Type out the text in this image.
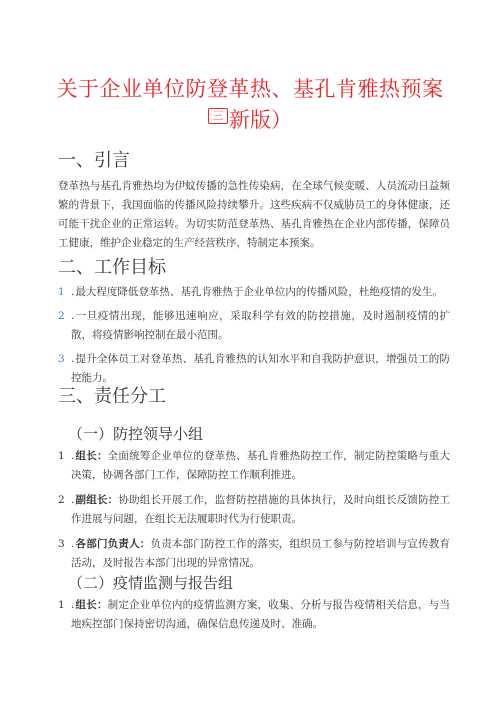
关于企业单位防登革热、基孔肯雅热预案
三 新版）
一、引言
登革热与基孔肯雅热均为伊蚊传播的急性传染病，在全球气候变暖、人员流动日益频繁的背景下，我国面临的传播风险持续攀升。这些疾病不仅威胁员工的身体健康，还可能干扰企业的正常运转。为切实防范登革热、基孔肯雅热在企业内部传播，保障员工健康，维护企业稳定的生产经营秩序，特制定本预案。
二、工作目标
1 .最大程度降低登革热、基孔肯雅热于企业单位内的传播风险，杜绝疫情的发生。
2 .一旦疫情出现，能够迅速响应，采取科学有效的防控措施，及时遏制疫情的扩散，将疫情影响控制在最小范围。
3 .提升全体员工对登革热、基孔肯雅热的认知水平和自我防护意识，增强员工的防控能力。
三、责任分工
（一）防控领导小组
1 .组长：全面统筹企业单位的登革热、基孔肯雅热防控工作，制定防控策略与重大决策，协调各部门工作，保障防控工作顺利推进。
2 .副组长：协助组长开展工作，监督防控措施的具体执行，及时向组长反馈防控工作进展与问题，在组长无法履职时代为行使职责。
3 .各部门负责人：负责本部门防控工作的落实，组织员工参与防控培训与宣传教育活动，及时报告本部门出现的异常情况。
（二）疫情监测与报告组
1 .组长：制定企业单位内的疫情监测方案，收集、分析与报告疫情相关信息，与当地疾控部门保持密切沟通，确保信息传递及时、准确。
